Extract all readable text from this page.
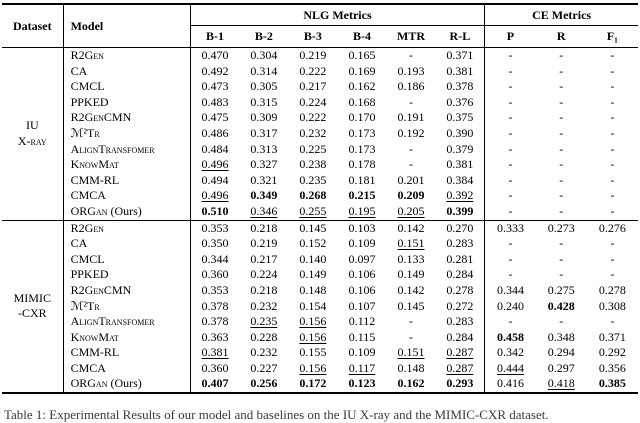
Dataset	Model	NLG Metrics						CE Metrics		
		B-1	B-2	B-3	B-4	MTR	R-L	P	R	F₁

IU
X-ray	R2Gen	0.470	0.304	0.219	0.165	-	0.371	-	-	-
	CA	0.492	0.314	0.222	0.169	0.193	0.381	-	-	-
	CMCL	0.473	0.305	0.217	0.162	0.186	0.378	-	-	-
	PPKED	0.483	0.315	0.224	0.168	-	0.376	-	-	-
	R2GenCMN	0.475	0.309	0.222	0.170	0.191	0.375	-	-	-
	ℳ²Tr	0.486	0.317	0.232	0.173	0.192	0.390	-	-	-
	AlignTransfomer	0.484	0.313	0.225	0.173	-	0.379	-	-	-
	KnowMat	0.496	0.327	0.238	0.178	-	0.381	-	-	-
	CMM-RL	0.494	0.321	0.235	0.181	0.201	0.384	-	-	-
	CMCA	0.496	0.349	0.268	0.215	0.209	0.392	-	-	-
	ORGan (Ours)	0.510	0.346	0.255	0.195	0.205	0.399	-	-	-

MIMIC
-CXR	R2Gen	0.353	0.218	0.145	0.103	0.142	0.270	0.333	0.273	0.276
	CA	0.350	0.219	0.152	0.109	0.151	0.283	-	-	-
	CMCL	0.344	0.217	0.140	0.097	0.133	0.281	-	-	-
	PPKED	0.360	0.224	0.149	0.106	0.149	0.284	-	-	-
	R2GenCMN	0.353	0.218	0.148	0.106	0.142	0.278	0.344	0.275	0.278
	ℳ²Tr	0.378	0.232	0.154	0.107	0.145	0.272	0.240	0.428	0.308
	AlignTransfomer	0.378	0.235	0.156	0.112	-	0.283	-	-	-
	KnowMat	0.363	0.228	0.156	0.115	-	0.284	0.458	0.348	0.371
	CMM-RL	0.381	0.232	0.155	0.109	0.151	0.287	0.342	0.294	0.292
	CMCA	0.360	0.227	0.156	0.117	0.148	0.287	0.444	0.297	0.356
	ORGan (Ours)	0.407	0.256	0.172	0.123	0.162	0.293	0.416	0.418	0.385
Table 1: Experimental Results of our model and baselines on the IU X-ray and the MIMIC-CXR dataset.
